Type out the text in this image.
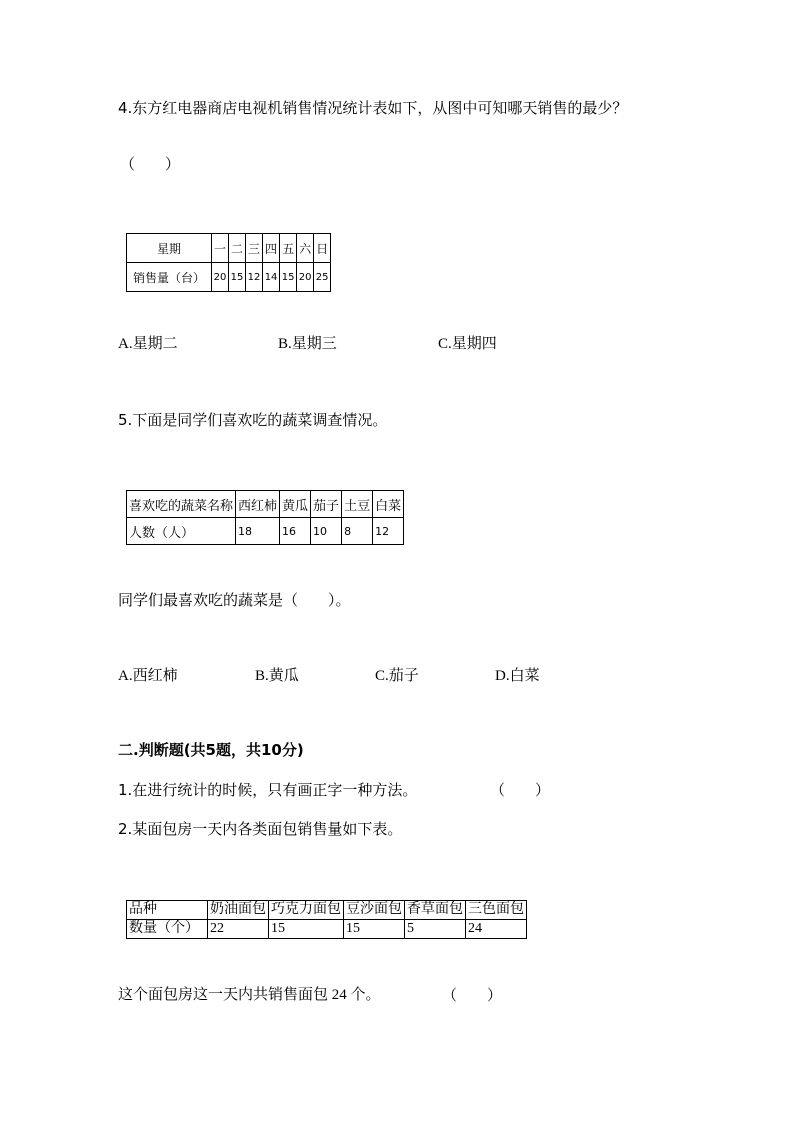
4.东方红电器商店电视机销售情况统计表如下，从图中可知哪天销售的最少？
（　　）
星期	一	二	三	四	五	六	日
销售量（台）	20	15	12	14	15	20	25
A.星期二	B.星期三	C.星期四
5.下面是同学们喜欢吃的蔬菜调查情况。
喜欢吃的蔬菜名称	西红柿	黄瓜	茄子	土豆	白菜
人数（人）	18	16	10	8	12
同学们最喜欢吃的蔬菜是（　　）。
A.西红柿	B.黄瓜	C.茄子	D.白菜
二.判断题(共5题，共10分)
1.在进行统计的时候，只有画正字一种方法。	（　　）
2.某面包房一天内各类面包销售量如下表。
品种	奶油面包	巧克力面包	豆沙面包	香草面包	三色面包
数量（个）	22	15	15	5	24
这个面包房这一天内共销售面包 24 个。	（　　）
